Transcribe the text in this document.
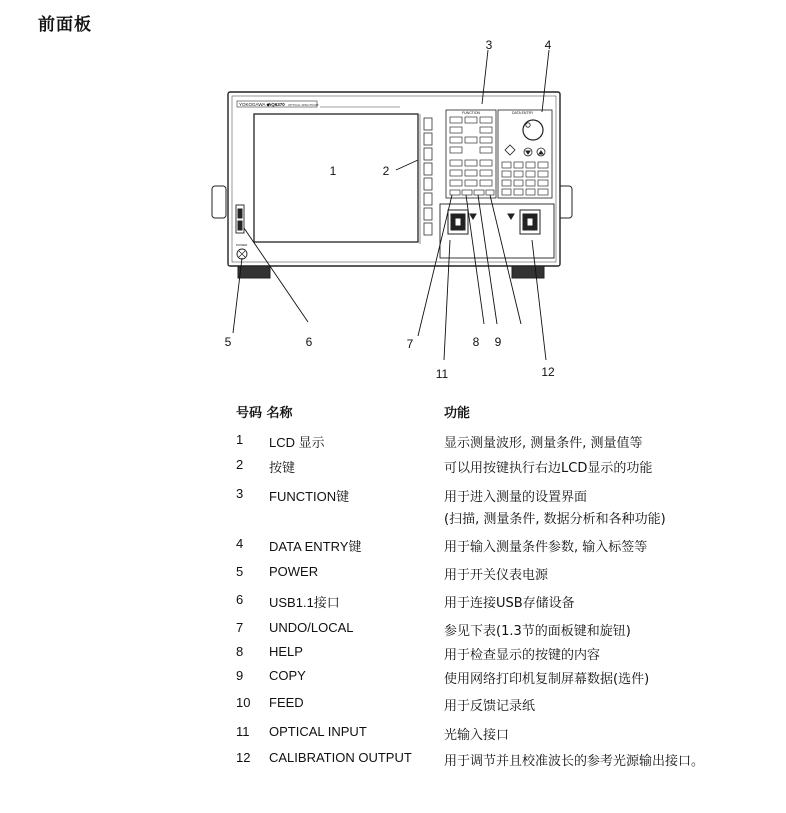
前面板
YOKOGAWA ◆
AQ6370 OPTICAL SPECTRUM
FUNCTION	DATA ENTRY
POWER
1	2
3	4
5	6	7	8 9
11	12
号码 名称	功能
1 LCD 显示	显示测量波形, 测量条件, 测量值等
2 按键	可以用按键执行右边LCD显示的功能
3 FUNCTION键	用于进入测量的设置界面
(扫描, 测量条件, 数据分析和各种功能)
4 DATA ENTRY键	用于输入测量条件参数, 输入标签等
5 POWER	用于开关仪表电源
6 USB1.1接口	用于连接USB存储设备
7 UNDO/LOCAL	参见下表(1.3节的面板键和旋钮)
8 HELP	用于检查显示的按键的内容
9 COPY	使用网络打印机复制屏幕数据(选件)
10 FEED	用于反馈记录纸
11 OPTICAL INPUT	光输入接口
12 CALIBRATION OUTPUT 用于调节并且校准波长的参考光源输出接口。
